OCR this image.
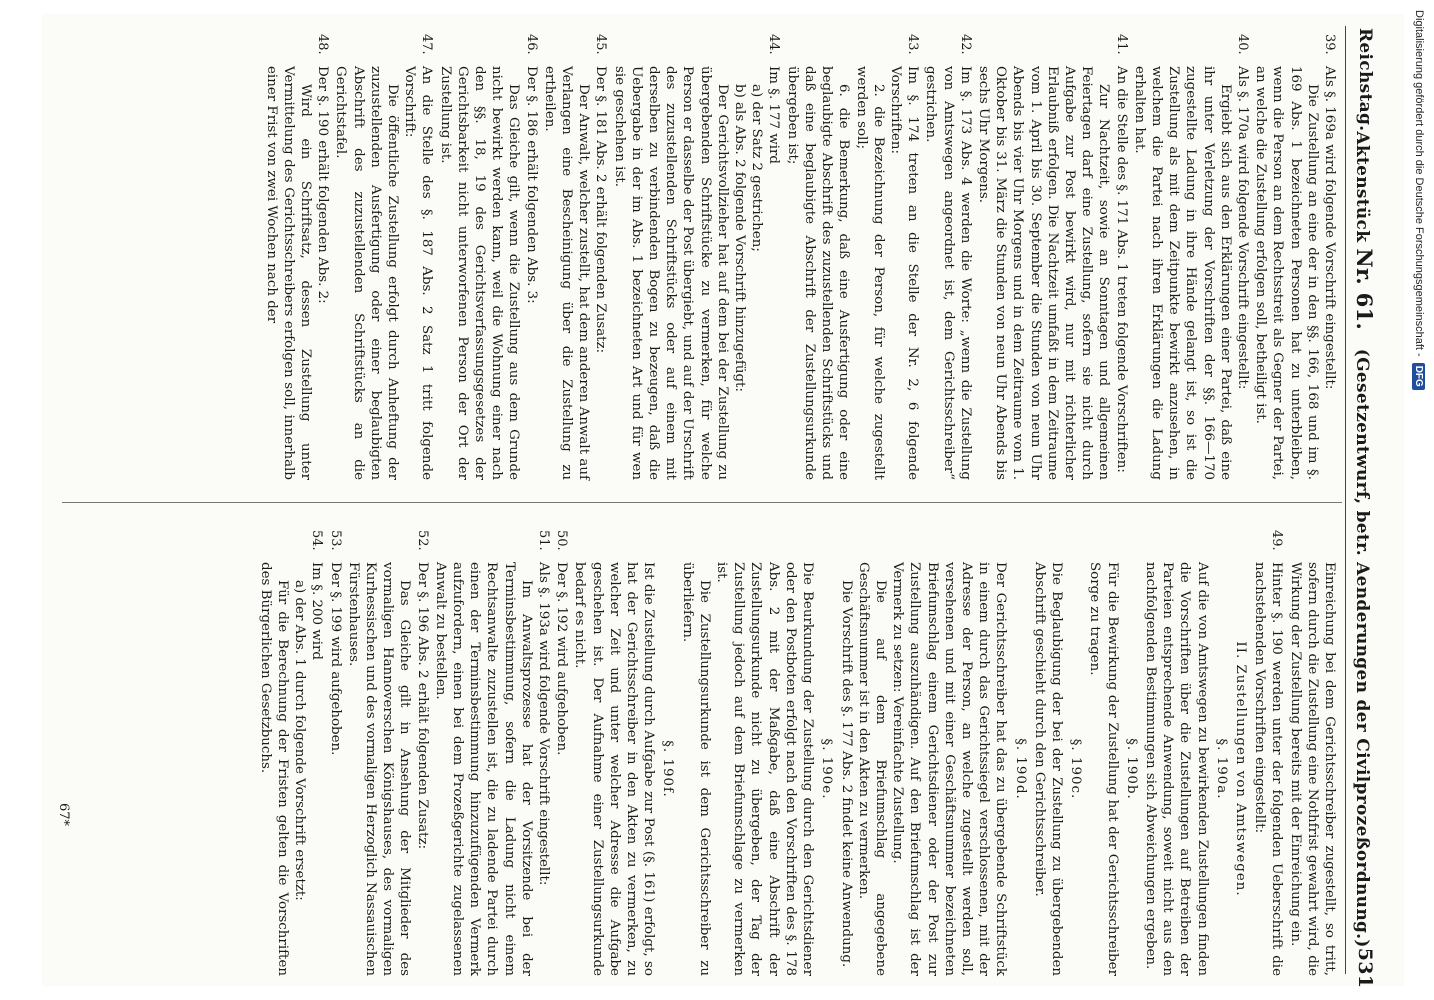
Reichstag.
Aktenstück Nr. 61.   (Gesetzentwurf, betr. Aenderungen der Civilprozeßordnung.)
531
39.

Als §. 169a wird folgende Vorschrift eingestellt:

Die Zustellung an eine der in den §§. 166, 168 und im §. 169 Abs. 1 bezeichneten Personen hat zu unterbleiben, wenn die Person an dem Rechtsstreit als Gegner der Partei, an welche die Zustellung erfolgen soll, betheiligt ist.

40.

Als §. 170a wird folgende Vorschrift eingestellt:

Ergiebt sich aus den Erklärungen einer Partei, daß eine ihr unter Verletzung der Vorschriften der §§. 166—170 zugestellte Ladung in ihre Hände gelangt ist, so ist die Zustellung als mit dem Zeitpunkte bewirkt anzusehen, in welchem die Partei nach ihren Erklärungen die Ladung erhalten hat.

41.

An die Stelle des §. 171 Abs. 1 treten folgende Vorschriften:

Zur Nachtzeit, sowie an Sonntagen und allgemeinen Feiertagen darf eine Zustellung, sofern sie nicht durch Aufgabe zur Post bewirkt wird, nur mit richterlicher Erlaubniß erfolgen. Die Nachtzeit umfaßt in dem Zeitraume vom 1. April bis 30. September die Stunden von neun Uhr Abends bis vier Uhr Morgens und in dem Zeitraume vom 1. Oktober bis 31. März die Stunden von neun Uhr Abends bis sechs Uhr Morgens.

42.

Im §. 173 Abs. 4 werden die Worte: „wenn die Zustellung von Amtswegen angeordnet ist, dem Gerichtsschreiber“ gestrichen.

43.

Im §. 174 treten an die Stelle der Nr. 2, 6 folgende Vorschriften:

2. die Bezeichnung der Person, für welche zugestellt werden soll;

6. die Bemerkung, daß eine Ausfertigung oder eine beglaubigte Abschrift des zuzustellenden Schriftstücks und daß eine beglaubigte Abschrift der Zustellungsurkunde übergeben ist;

44.

Im §. 177 wird

a) der Satz 2 gestrichen;

b) als Abs. 2 folgende Vorschrift hinzugefügt:

Der Gerichtsvollzieher hat auf dem bei der Zustellung zu übergebenden Schriftstücke zu vermerken, für welche Person er dasselbe der Post übergiebt, und auf der Urschrift des zuzustellenden Schriftstücks oder auf einem mit derselben zu verbindenden Bogen zu bezeugen, daß die Uebergabe in der im Abs. 1 bezeichneten Art und für wen sie geschehen ist.

45.

Der §. 181 Abs. 2 erhält folgenden Zusatz:

Der Anwalt, welcher zustellt, hat dem anderen Anwalt auf Verlangen eine Bescheinigung über die Zustellung zu ertheilen.

46.

Der §. 186 erhält folgenden Abs. 3:

Das Gleiche gilt, wenn die Zustellung aus dem Grunde nicht bewirkt werden kann, weil die Wohnung einer nach den §§. 18, 19 des Gerichtsverfassungsgesetzes der Gerichtsbarkeit nicht unterworfenen Person der Ort der Zustellung ist.

47.

An die Stelle des §. 187 Abs. 2 Satz 1 tritt folgende Vorschrift:

Die öffentliche Zustellung erfolgt durch Anheftung der zuzustellenden Ausfertigung oder einer beglaubigten Abschrift des zuzustellenden Schriftstücks an die Gerichtstafel.

48.

Der §. 190 erhält folgenden Abs. 2:

Wird ein Schriftsatz, dessen Zustellung unter Vermittelung des Gerichtsschreibers erfolgen soll, innerhalb einer Frist von zwei Wochen nach der

Einreichung bei dem Gerichtsschreiber zugestellt, so tritt, sofern durch die Zustellung eine Nothfrist gewahrt wird, die Wirkung der Zustellung bereits mit der Einreichung ein.

49.

Hinter §. 190 werden unter der folgenden Ueberschrift die nachstehenden Vorschriften eingestellt:

II. Zustellungen von Amtswegen.
§. 190a.

Auf die von Amtswegen zu bewirkenden Zustellungen finden die Vorschriften über die Zustellungen auf Betreiben der Parteien entsprechende Anwendung, soweit nicht aus den nachfolgenden Bestimmungen sich Abweichungen ergeben.

§. 190b.

Für die Bewirkung der Zustellung hat der Gerichtsschreiber Sorge zu tragen.

§. 190c.

Die Beglaubigung der bei der Zustellung zu übergebenden Abschrift geschieht durch den Gerichtsschreiber.

§. 190d.

Der Gerichtsschreiber hat das zu übergebende Schriftstück in einem durch das Gerichtssiegel verschlossenen, mit der Adresse der Person, an welche zugestellt werden soll, versehenen und mit einer Geschäftsnummer bezeichneten Briefumschlag einem Gerichtsdiener oder der Post zur Zustellung auszuhändigen. Auf den Briefumschlag ist der Vermerk zu setzen: Vereinfachte Zustellung.

Die auf dem Briefumschlag angegebene Geschäftsnummer ist in den Akten zu vermerken.

Die Vorschrift des §. 177 Abs. 2 findet keine Anwendung.

§. 190e.

Die Beurkundung der Zustellung durch den Gerichtsdiener oder den Postboten erfolgt nach den Vorschriften des §. 178 Abs. 2 mit der Maßgabe, daß eine Abschrift der Zustellungsurkunde nicht zu übergeben, der Tag der Zustellung jedoch auf dem Briefumschlage zu vermerken ist.

Die Zustellungsurkunde ist dem Gerichtsschreiber zu überliefern.

§. 190f.

Ist die Zustellung durch Aufgabe zur Post (§. 161) erfolgt, so hat der Gerichtsschreiber in den Akten zu vermerken, zu welcher Zeit und unter welcher Adresse die Aufgabe geschehen ist. Der Aufnahme einer Zustellungsurkunde bedarf es nicht.

50.

Der §. 192 wird aufgehoben.

51.

Als §. 193a wird folgende Vorschrift eingestellt:

Im Anwaltsprozesse hat der Vorsitzende bei der Terminsbestimmung, sofern die Ladung nicht einem Rechtsanwalte zuzustellen ist, die zu ladende Partei durch einen der Terminsbestimmung hinzuzufügenden Vermerk aufzufordern, einen bei dem Prozeßgerichte zugelassenen Anwalt zu bestellen.

52.

Der §. 196 Abs. 2 erhält folgenden Zusatz:

Das Gleiche gilt in Ansehung der Mitglieder des vormaligen Hannoverschen Königshauses, des vormaligen Kurhessischen und des vormaligen Herzoglich Nassauischen Fürstenhauses.

53.

Der §. 199 wird aufgehoben.

54.

Im §. 200 wird

a) der Abs. 1 durch folgende Vorschrift ersetzt:

Für die Berechnung der Fristen gelten die Vorschriften des Bürgerlichen Gesetzbuchs.

67*
Digitalisierung gefördert durch die Deutsche Forschungsgemeinschaft -
DFG
